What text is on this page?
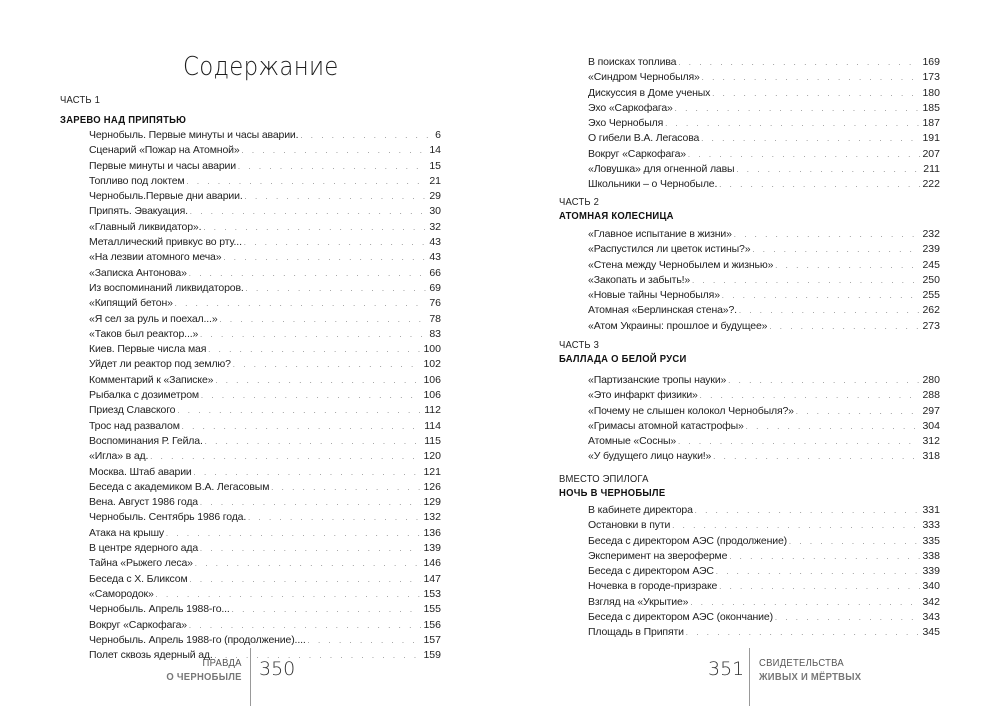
Содержание
ЧАСТЬ 1
ЗАРЕВО НАД ПРИПЯТЬЮ
Чернобыль. Первые минуты и часы аварии. . . .	6
Сценарий «Пожар на Атомной» . . .	14
Первые минуты и часы аварии . . .	15
Топливо под локтем . . .	21
Чернобыль.Первые дни аварии. . . .	29
Припять. Эвакуация. . . .	30
«Главный ликвидатор». . . .	32
Металлический привкус во рту... . . .	43
«На лезвии атомного меча» . . .	43
«Записка Антонова» . . .	66
Из воспоминаний ликвидаторов. . . .	69
«Кипящий бетон» . . .	76
«Я сел за руль и поехал...» . . .	78
«Таков был реактор...» . . .	83
Киев. Первые числа мая . . .	100
Уйдет ли реактор под землю? . . .	102
Комментарий к «Записке» . . .	106
Рыбалка с дозиметром . . .	106
Приезд Славского . . .	112
Трос над развалом . . .	114
Воспоминания Р. Гейла. . . .	115
«Игла» в ад. . . .	120
Москва. Штаб аварии . . .	121
Беседа с академиком В.А. Легасовым . . .	126
Вена. Август 1986 года . . .	129
Чернобыль. Сентябрь 1986 года. . . .	132
Атака на крышу . . .	136
В центре ядерного ада . . .	139
Тайна «Рыжего леса» . . .	146
Беседа с Х. Бликсом . . .	147
«Самородок» . . .	153
Чернобыль. Апрель 1988-го... . . .	155
Вокруг «Саркофага» . . .	156
Чернобыль. Апрель 1988-го (продолжение).... . . .	157
Полет сквозь ядерный ад. . . .	159
ПРАВДА
О ЧЕРНОБЫЛЕ 350
В поисках топлива . . .	169
«Синдром Чернобыля» . . .	173
Дискуссия в Доме ученых . . .	180
Эхо «Саркофага» . . .	185
Эхо Чернобыля . . .	187
О гибели В.А. Легасова . . .	191
Вокруг «Саркофага» . . .	207
«Ловушка» для огненной лавы . . .	211
Школьники – о Чернобыле. . . .	222
ЧАСТЬ 2
АТОМНАЯ КОЛЕСНИЦА
«Главное испытание в жизни» . . .	232
«Распустился ли цветок истины?» . . .	239
«Стена между Чернобылем и жизнью» . . .	245
«Закопать и забыть!» . . .	250
«Новые тайны Чернобыля» . . .	255
Атомная «Берлинская стена»?. . . .	262
«Атом Украины: прошлое и будущее» . . .	273
ЧАСТЬ 3
БАЛЛАДА О БЕЛОЙ РУСИ
«Партизанские тропы науки» . . .	280
«Это инфаркт физики» . . .	288
«Почему не слышен колокол Чернобыля?» . . .	297
«Гримасы атомной катастрофы» . . .	304
Атомные «Сосны» . . .	312
«У будущего лицо науки!» . . .	318
ВМЕСТО ЭПИЛОГА
НОЧЬ В ЧЕРНОБЫЛЕ
В кабинете директора . . .	331
Остановки в пути . . .	333
Беседа с директором АЭС (продолжение) . . .	335
Эксперимент на звероферме . . .	338
Беседа с директором АЭС . . .	339
Ночевка в городе-призраке . . .	340
Взгляд на «Укрытие» . . .	342
Беседа с директором АЭС (окончание) . . .	343
Площадь в Припяти . . .	345
351 СВИДЕТЕЛЬСТВА
ЖИВЫХ И МЁРТВЫХ
